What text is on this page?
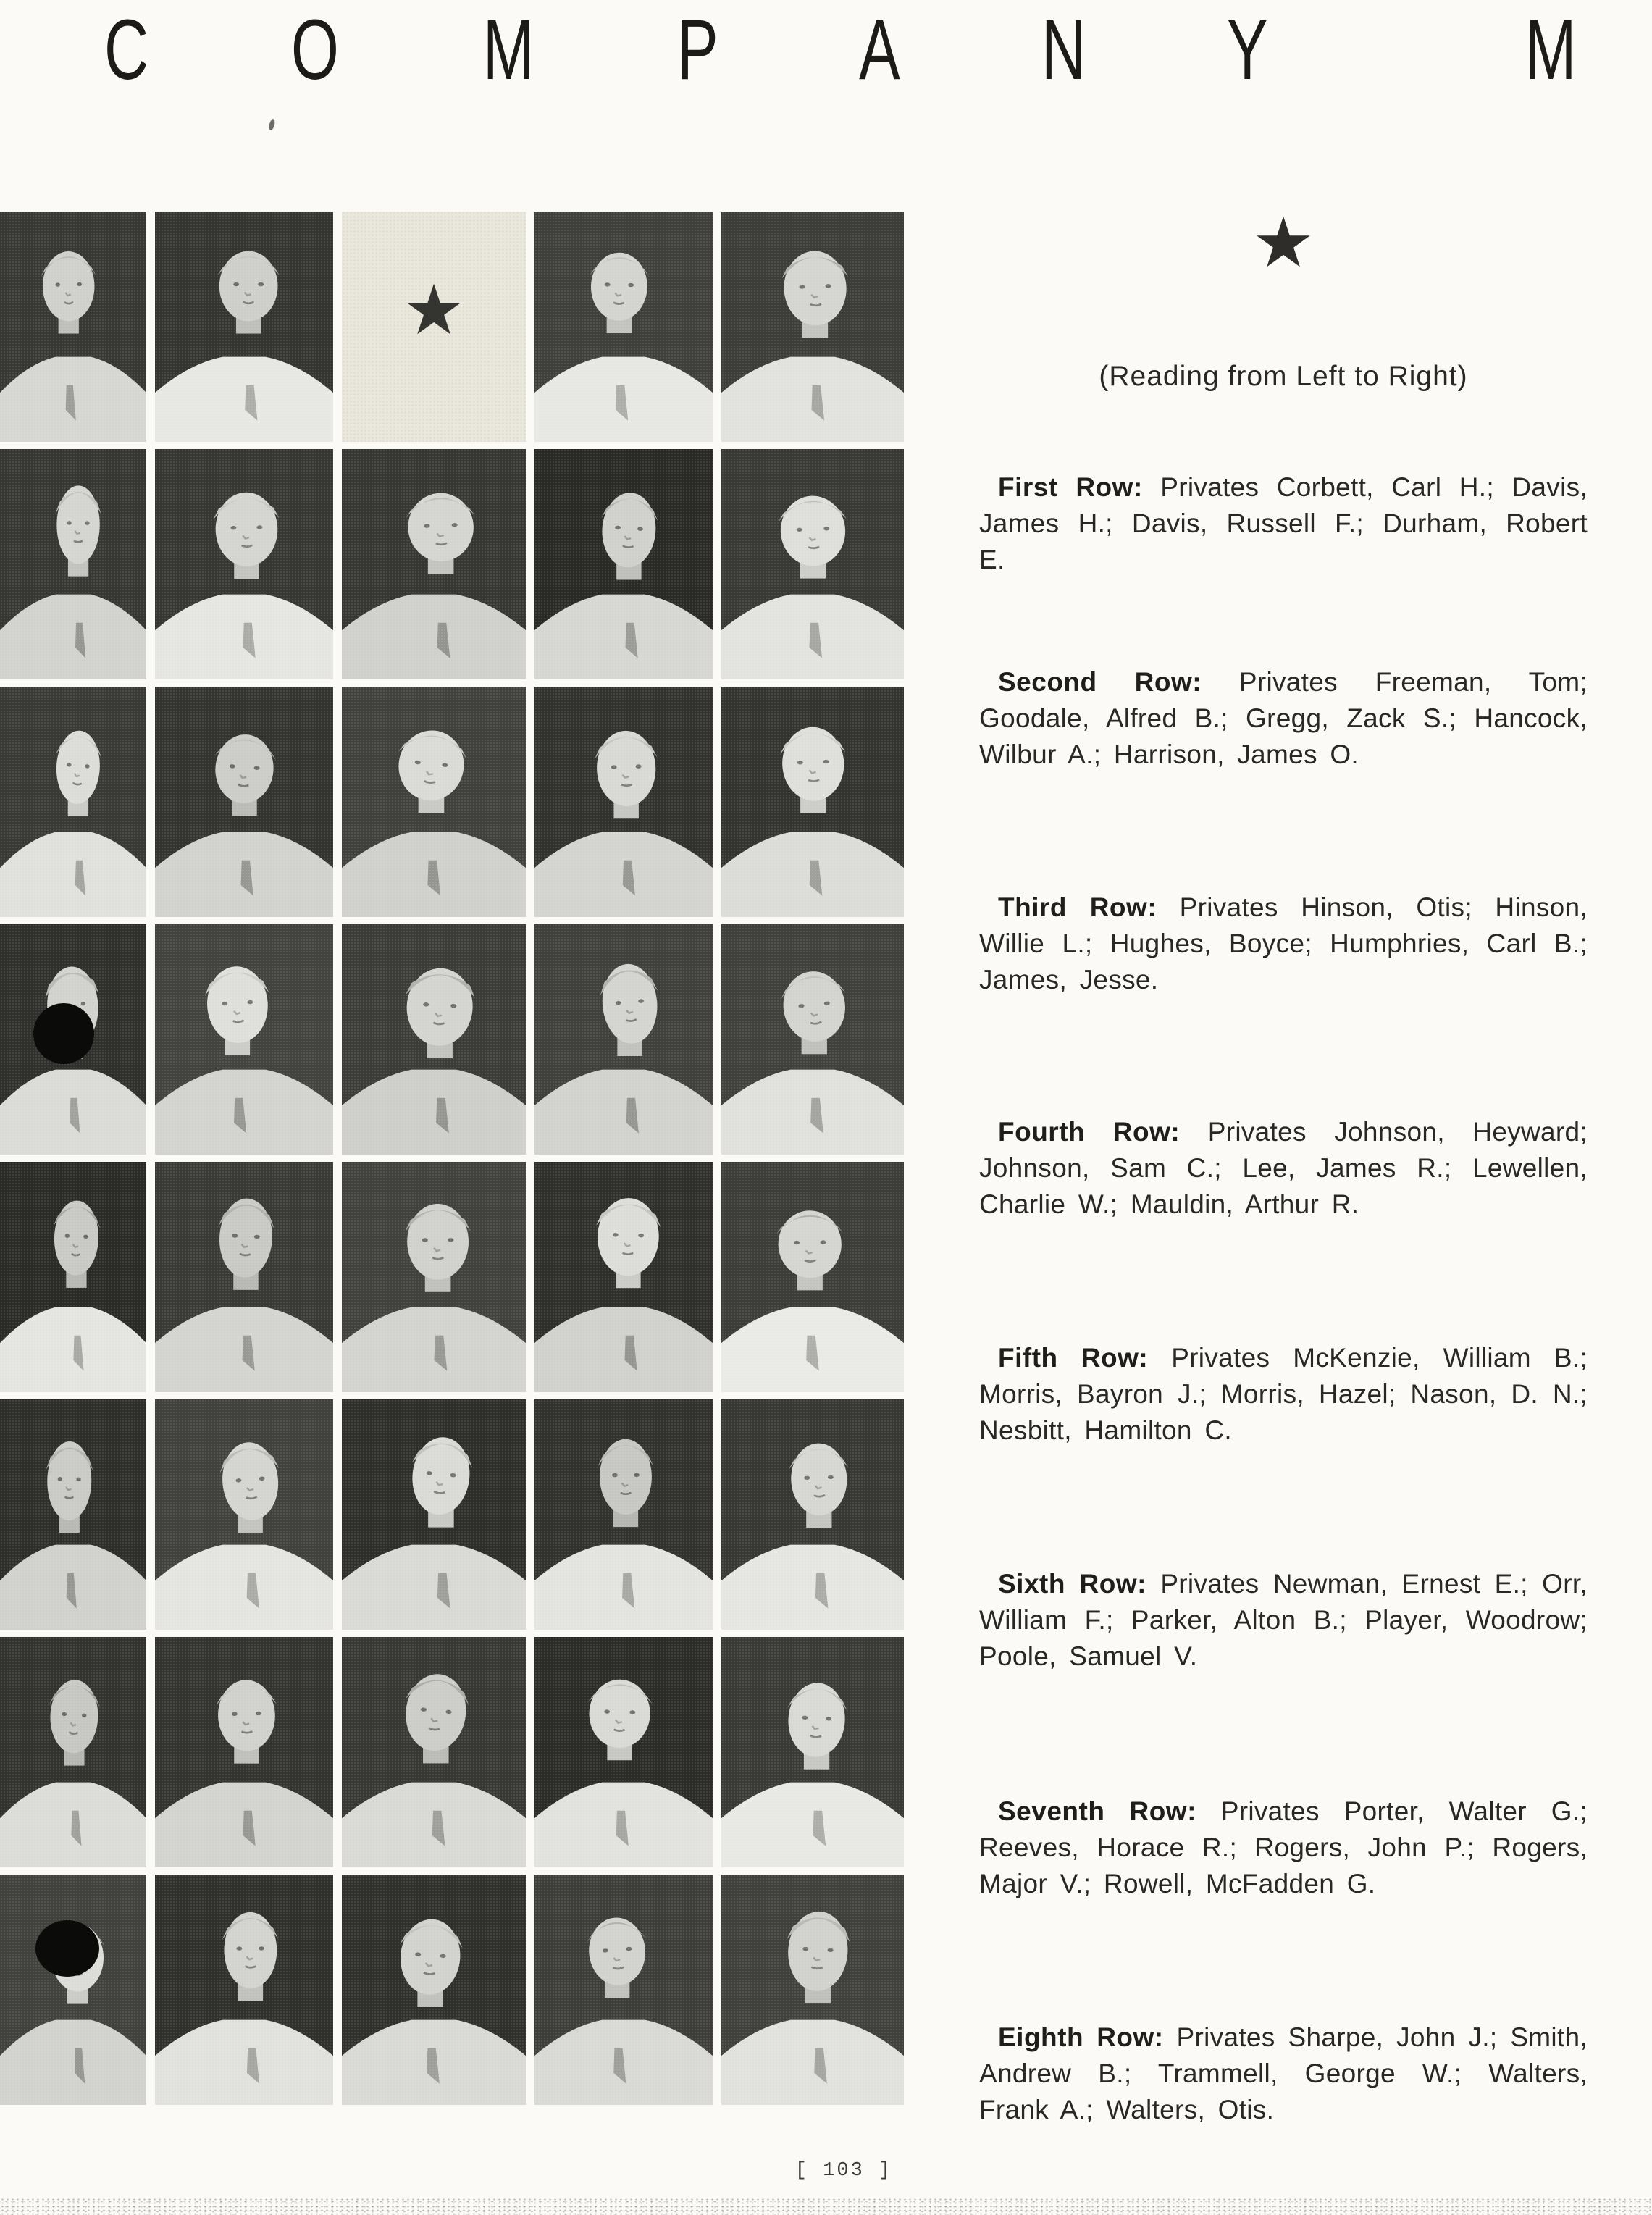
C O M P A N Y	M
★
★
(Reading from Left to Right)

First Row: Privates Corbett, Carl H.; Davis, James H.; Davis, Russell F.; Durham, Robert E.

Second Row: Privates Freeman, Tom; Goodale, Alfred B.; Gregg, Zack S.; Hancock, Wilbur A.; Harrison, James O.

Third Row: Privates Hinson, Otis; Hinson, Willie L.; Hughes, Boyce; Humphries, Carl B.; James, Jesse.

Fourth Row: Privates Johnson, Heyward; Johnson, Sam C.; Lee, James R.; Lewellen, Charlie W.; Mauldin, Arthur R.

Fifth Row: Privates McKenzie, William B.; Morris, Bayron J.; Morris, Hazel; Nason, D. N.; Nesbitt, Hamilton C.

Sixth Row: Privates Newman, Ernest E.; Orr, William F.; Parker, Alton B.; Player, Woodrow; Poole, Samuel V.

Seventh Row: Privates Porter, Walter G.; Reeves, Horace R.; Rogers, John P.; Rogers, Major V.; Rowell, McFadden G.

Eighth Row: Privates Sharpe, John J.; Smith, Andrew B.; Trammell, George W.; Walters, Frank A.; Walters, Otis.

[ 103 ]
